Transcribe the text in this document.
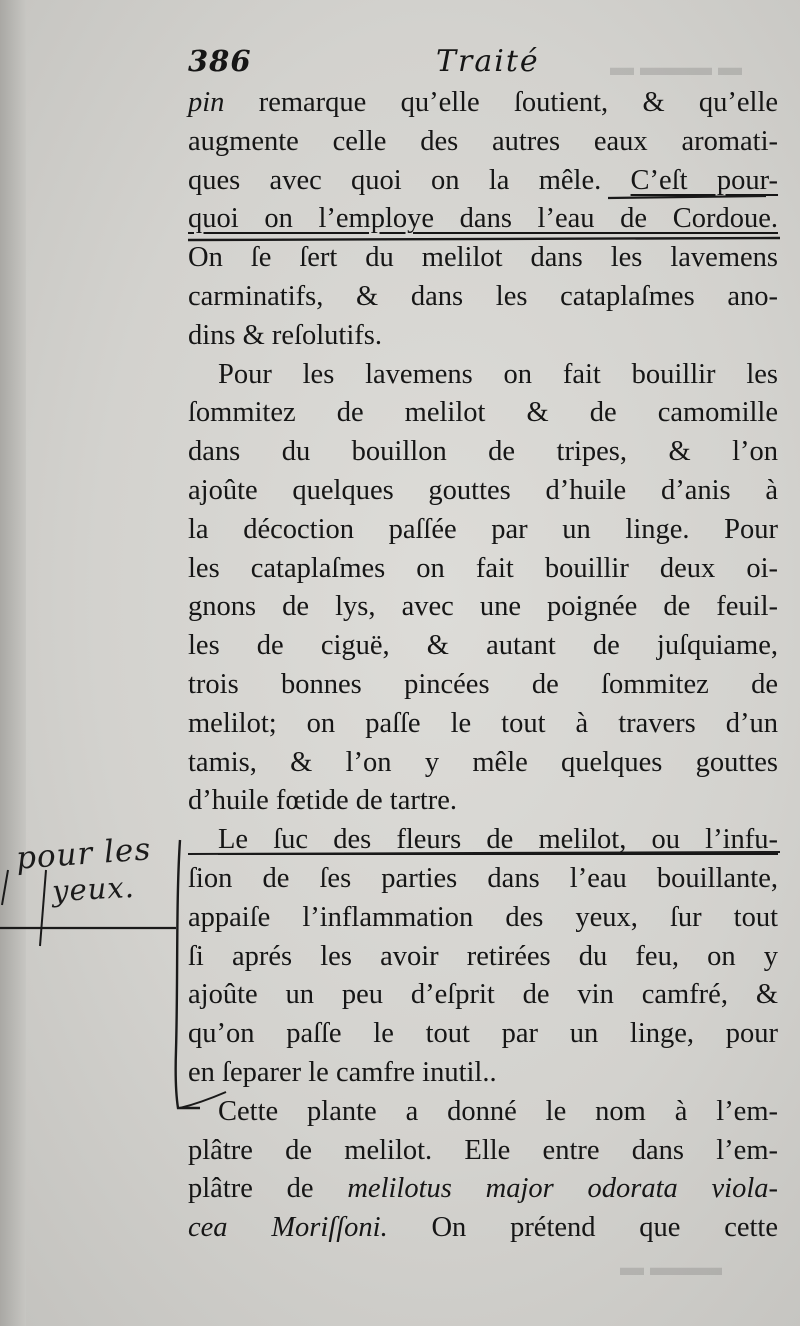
▬ ▬▬▬ ▬
▬▬▬ ▬
386	Traité
pin remarque qu’elle ſoutient, & qu’elle
augmente celle des autres eaux aromati-
ques avec quoi on la mêle. C’eſt pour-
quoi on l’employe dans l’eau de Cordoue.
On ſe ſert du melilot dans les lavemens
carminatifs, & dans les cataplaſmes ano-
dins & reſolutifs.
Pour les lavemens on fait bouillir les
ſommitez de melilot & de camomille
dans du bouillon de tripes, & l’on
ajoûte quelques gouttes d’huile d’anis à
la décoction paſſée par un linge. Pour
les cataplaſmes on fait bouillir deux oi-
gnons de lys, avec une poignée de feuil-
les de ciguë, & autant de juſquiame,
trois bonnes pincées de ſommitez de
melilot; on paſſe le tout à travers d’un
tamis, & l’on y mêle quelques gouttes
d’huile fœtide de tartre.
Le ſuc des fleurs de melilot, ou l’infu-
ſion de ſes parties dans l’eau bouillante,
appaiſe l’inflammation des yeux, ſur tout
ſi aprés les avoir retirées du feu, on y
ajoûte un peu d’eſprit de vin camfré, &
qu’on paſſe le tout par un linge, pour
en ſeparer le camfre inutil..
Cette plante a donné le nom à l’em-
plâtre de melilot. Elle entre dans l’em-
plâtre de melilotus major odorata viola-
cea Moriſſoni. On prétend que cette
pour les
yeux.
